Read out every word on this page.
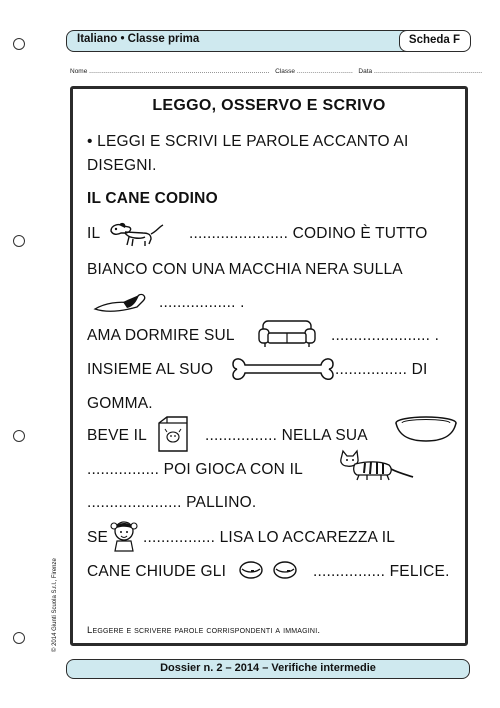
Italiano • Classe prima	Scheda F
Nome .......................................................................................... Classe ............................ Data ......................................................
LEGGO, OSSERVO E SCRIVO
• LEGGI E SCRIVI LE PAROLE ACCANTO AI
DISEGNI.
IL CANE CODINO
IL	...................... CODINO È TUTTO
BIANCO CON UNA MACCHIA NERA SULLA
................. .
AMA DORMIRE SUL	...................... .
INSIEME AL SUO	................ DI
GOMMA.
BEVE IL	................ NELLA SUA
................ POI GIOCA CON IL
..................... PALLINO.
SE ................ LISA LO ACCAREZZA IL
CANE CHIUDE GLI	................ FELICE.
Leggere e scrivere parole corrispondenti a immagini.
© 2014 Giunti Scuola S.r.l., Firenze
Dossier n. 2 – 2014 – Verifiche intermedie
